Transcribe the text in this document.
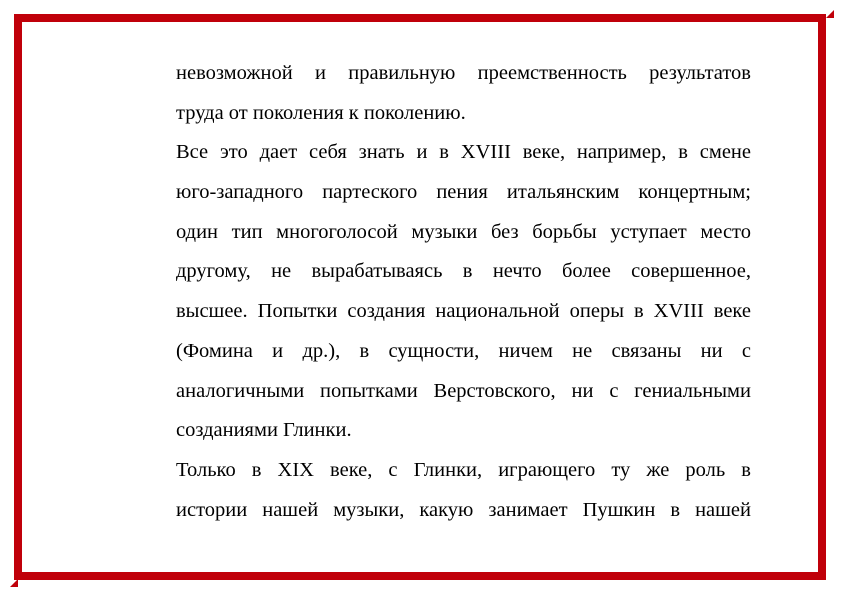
невозможной и правильную преемственность результатов
труда от поколения к поколению.
Все это дает себя знать и в XVIII веке, например, в смене
юго-западного партеского пения итальянским концертным;
один тип многоголосой музыки без борьбы уступает место
другому, не вырабатываясь в нечто более совершенное,
высшее. Попытки создания национальной оперы в XVIII веке
(Фомина и др.), в сущности, ничем не связаны ни с
аналогичными попытками Верстовского, ни с гениальными
созданиями Глинки.
Только в XIX веке, с Глинки, играющего ту же роль в
истории нашей музыки, какую занимает Пушкин в нашей
